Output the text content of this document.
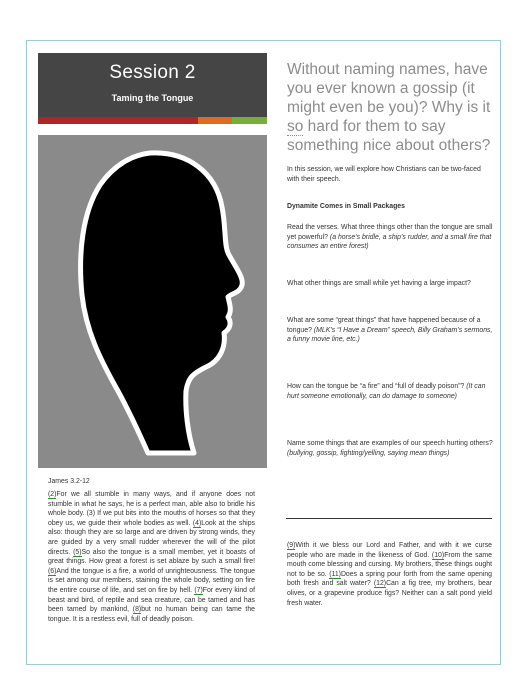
Session 2
Taming the Tongue
Without naming names, have you ever known a gossip (it might even be you)? Why is it so hard for them to say something nice about others?
In this session, we will explore how Christians can be two-faced with their speech.
Dynamite Comes in Small Packages
Read the verses. What three things other than the tongue are small yet powerful? (a horse’s bridle, a ship’s rudder, and a small fire that consumes an entire forest)
What other things are small while yet having a large impact?
What are some “great things” that have happened because of a tongue? (MLK’s “I Have a Dream” speech, Billy Graham’s sermons, a funny movie line, etc.)
How can the tongue be “a fire” and “full of deadly poison”? (It can hurt someone emotionally, can do damage to someone)
Name some things that are examples of our speech hurting others? (bullying, gossip, fighting/yelling, saying mean things)
James 3.2-12
(2)For we all stumble in many ways, and if anyone does not stumble in what he says, he is a perfect man, able also to bridle his whole body. (3) If we put bits into the mouths of horses so that they obey us, we guide their whole bodies as well. (4)Look at the ships also: though they are so large and are driven by strong winds, they are guided by a very small rudder wherever the will of the pilot directs. (5)So also the tongue is a small member, yet it boasts of great things. How great a forest is set ablaze by such a small fire! (6)And the tongue is a fire, a world of unrighteousness. The tongue is set among our members, staining the whole body, setting on fire the entire course of life, and set on fire by hell. (7)For every kind of beast and bird, of reptile and sea creature, can be tamed and has been tamed by mankind, (8)but no human being can tame the tongue. It is a restless evil, full of deadly poison.
(9)With it we bless our Lord and Father, and with it we curse people who are made in the likeness of God. (10)From the same mouth come blessing and cursing. My brothers, these things ought not to be so. (11)Does a spring pour forth from the same opening both fresh and salt water? (12)Can a fig tree, my brothers, bear olives, or a grapevine produce figs? Neither can a salt pond yield fresh water.
